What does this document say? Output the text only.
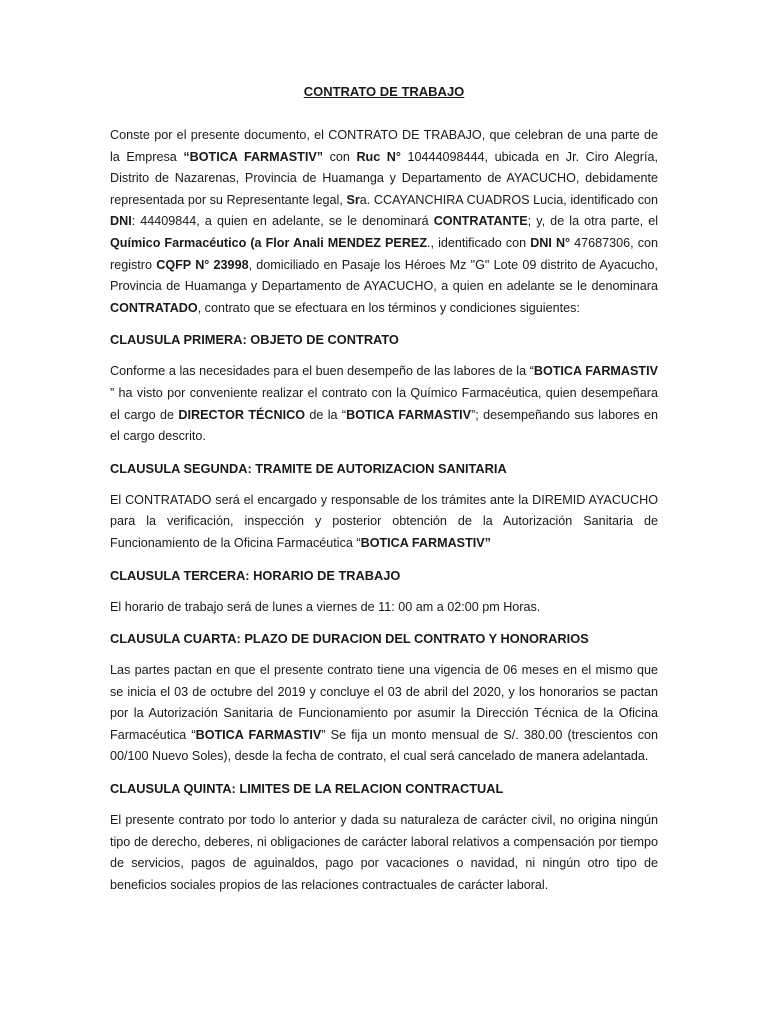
CONTRATO DE TRABAJO

Conste por el presente documento, el CONTRATO DE TRABAJO, que celebran de una parte de la Empresa “BOTICA FARMASTIV” con Ruc N° 10444098444, ubicada en Jr. Ciro Alegría, Distrito de Nazarenas, Provincia de Huamanga y Departamento de AYACUCHO, debidamente representada por su Representante legal, Sra. CCAYANCHIRA CUADROS Lucia, identificado con DNI: 44409844, a quien en adelante, se le denominará CONTRATANTE; y, de la otra parte, el Químico Farmacéutico (a Flor Anali MENDEZ PEREZ., identificado con DNI N° 47687306, con registro CQFP N° 23998, domiciliado en Pasaje los Héroes Mz "G" Lote 09 distrito de Ayacucho, Provincia de Huamanga y Departamento de AYACUCHO, a quien en adelante se le denominara CONTRATADO, contrato que se efectuara en los términos y condiciones siguientes:

CLAUSULA PRIMERA: OBJETO DE CONTRATO

Conforme a las necesidades para el buen desempeño de las labores de la “BOTICA FARMASTIV ” ha visto por conveniente realizar el contrato con la Químico Farmacéutica, quien desempeñara el cargo de DIRECTOR TÉCNICO de la “BOTICA FARMASTIV”; desempeñando sus labores en el cargo descrito.

CLAUSULA SEGUNDA: TRAMITE DE AUTORIZACION SANITARIA

El CONTRATADO será el encargado y responsable de los trámites ante la DIREMID AYACUCHO para la verificación, inspección y posterior obtención de la Autorización Sanitaria de Funcionamiento de la Oficina Farmacéutica “BOTICA FARMASTIV”

CLAUSULA TERCERA: HORARIO DE TRABAJO

El horario de trabajo será de lunes a viernes de 11: 00 am a 02:00 pm Horas.

CLAUSULA CUARTA: PLAZO DE DURACION DEL CONTRATO Y HONORARIOS

Las partes pactan en que el presente contrato tiene una vigencia de 06 meses en el mismo que se inicia el 03 de octubre del 2019 y concluye el 03 de abril del 2020, y los honorarios se pactan por la Autorización Sanitaria de Funcionamiento por asumir la Dirección Técnica de la Oficina Farmacéutica “BOTICA FARMASTIV” Se fija un monto mensual de S/. 380.00 (trescientos con 00/100 Nuevo Soles), desde la fecha de contrato, el cual será cancelado de manera adelantada.

CLAUSULA QUINTA: LIMITES DE LA RELACION CONTRACTUAL

El presente contrato por todo lo anterior y dada su naturaleza de carácter civil, no origina ningún tipo de derecho, deberes, ni obligaciones de carácter laboral relativos a compensación por tiempo de servicios, pagos de aguinaldos, pago por vacaciones o navidad, ni ningún otro tipo de beneficios sociales propios de las relaciones contractuales de carácter laboral.
